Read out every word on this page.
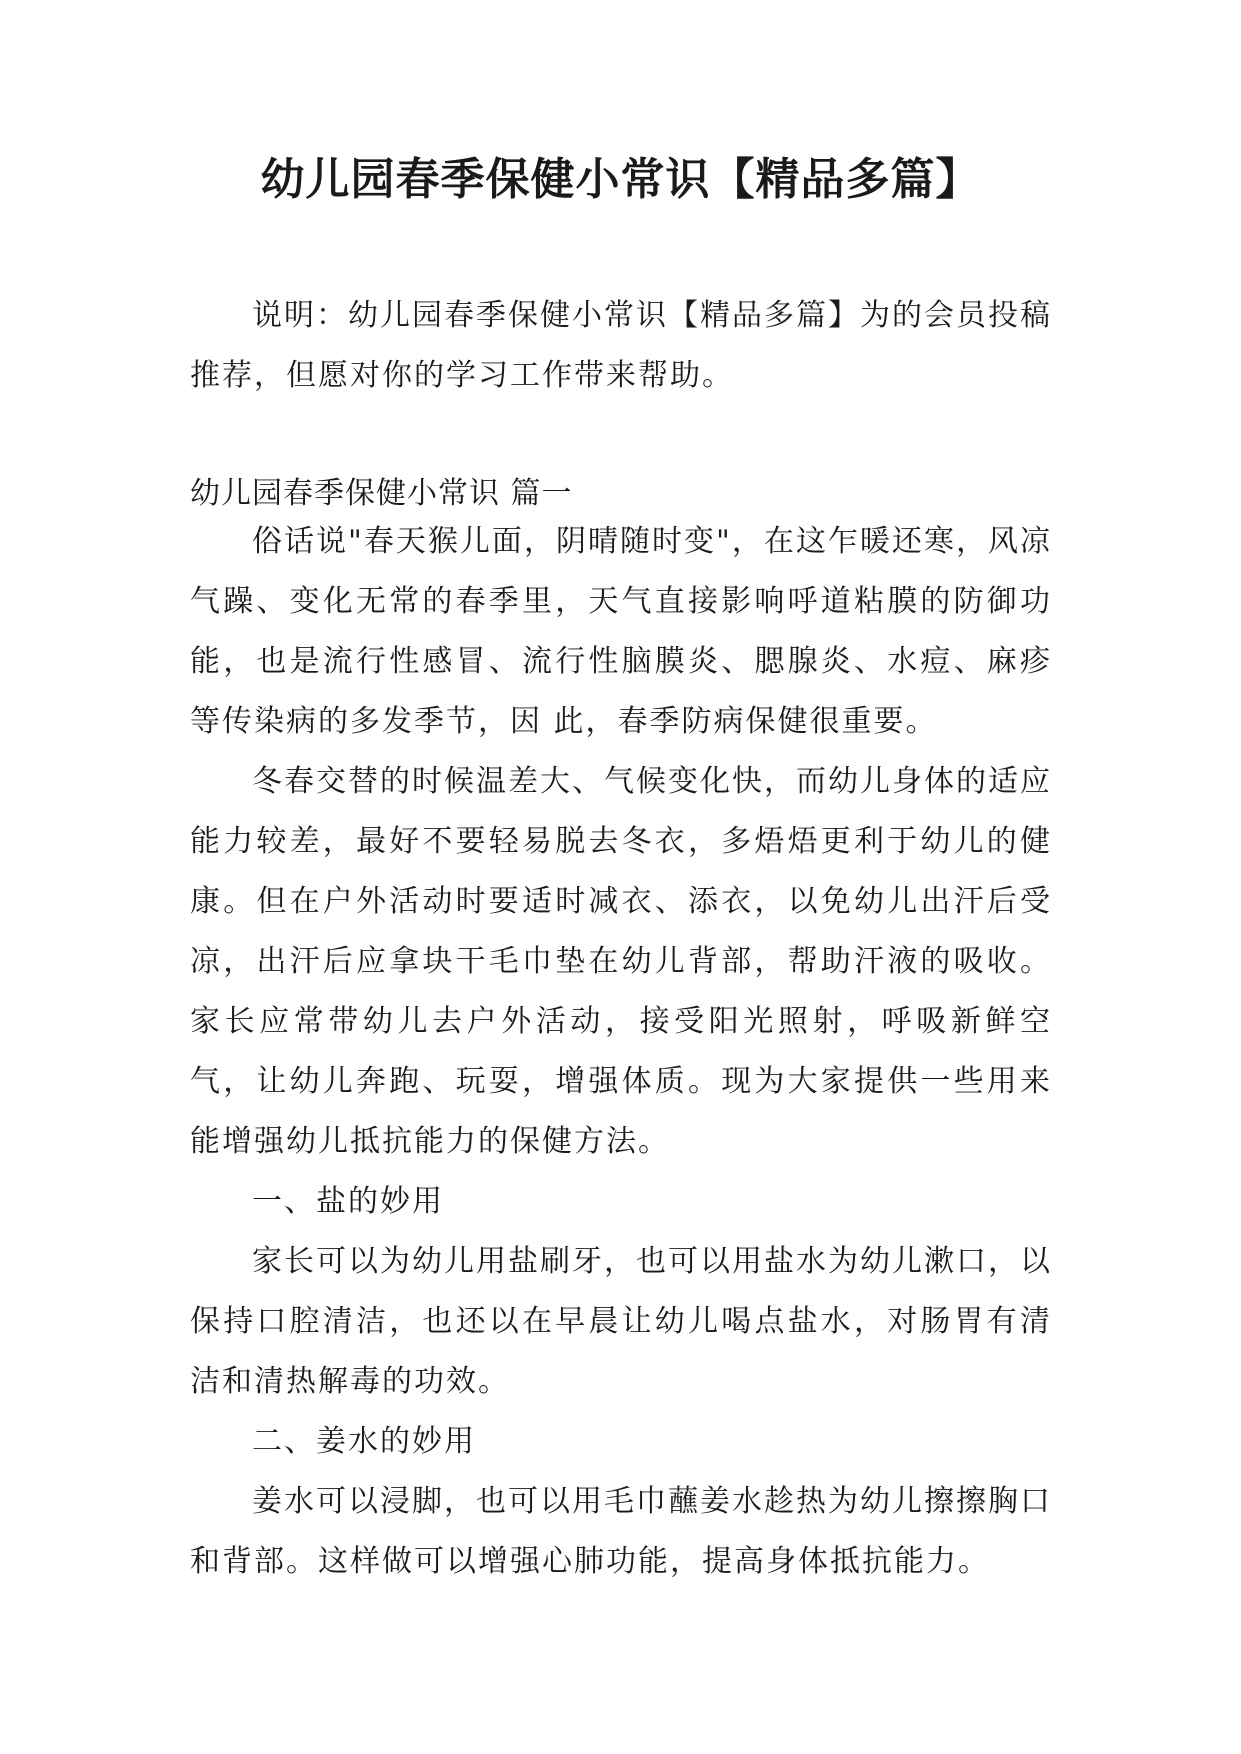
幼儿园春季保健小常识【精品多篇】

说明：幼儿园春季保健小常识【精品多篇】为的会员投稿推荐，但愿对你的学习工作带来帮助。

幼儿园春季保健小常识 篇一

俗话说"春天猴儿面，阴晴随时变"，在这乍暖还寒，风凉气躁、变化无常的春季里，天气直接影响呼道粘膜的防御功能，也是流行性感冒、流行性脑膜炎、腮腺炎、水痘、麻疹等传染病的多发季节，因 此，春季防病保健很重要。

冬春交替的时候温差大、气候变化快，而幼儿身体的适应能力较差，最好不要轻易脱去冬衣，多焐焐更利于幼儿的健康。但在户外活动时要适时减衣、添衣，以免幼儿出汗后受凉，出汗后应拿块干毛巾垫在幼儿背部，帮助汗液的吸收。家长应常带幼儿去户外活动，接受阳光照射，呼吸新鲜空气，让幼儿奔跑、玩耍，增强体质。现为大家提供一些用来能增强幼儿抵抗能力的保健方法。

一、盐的妙用

家长可以为幼儿用盐刷牙，也可以用盐水为幼儿漱口，以保持口腔清洁，也还以在早晨让幼儿喝点盐水，对肠胃有清洁和清热解毒的功效。

二、姜水的妙用

姜水可以浸脚，也可以用毛巾蘸姜水趁热为幼儿擦擦胸口和背部。这样做可以增强心肺功能，提高身体抵抗能力。
